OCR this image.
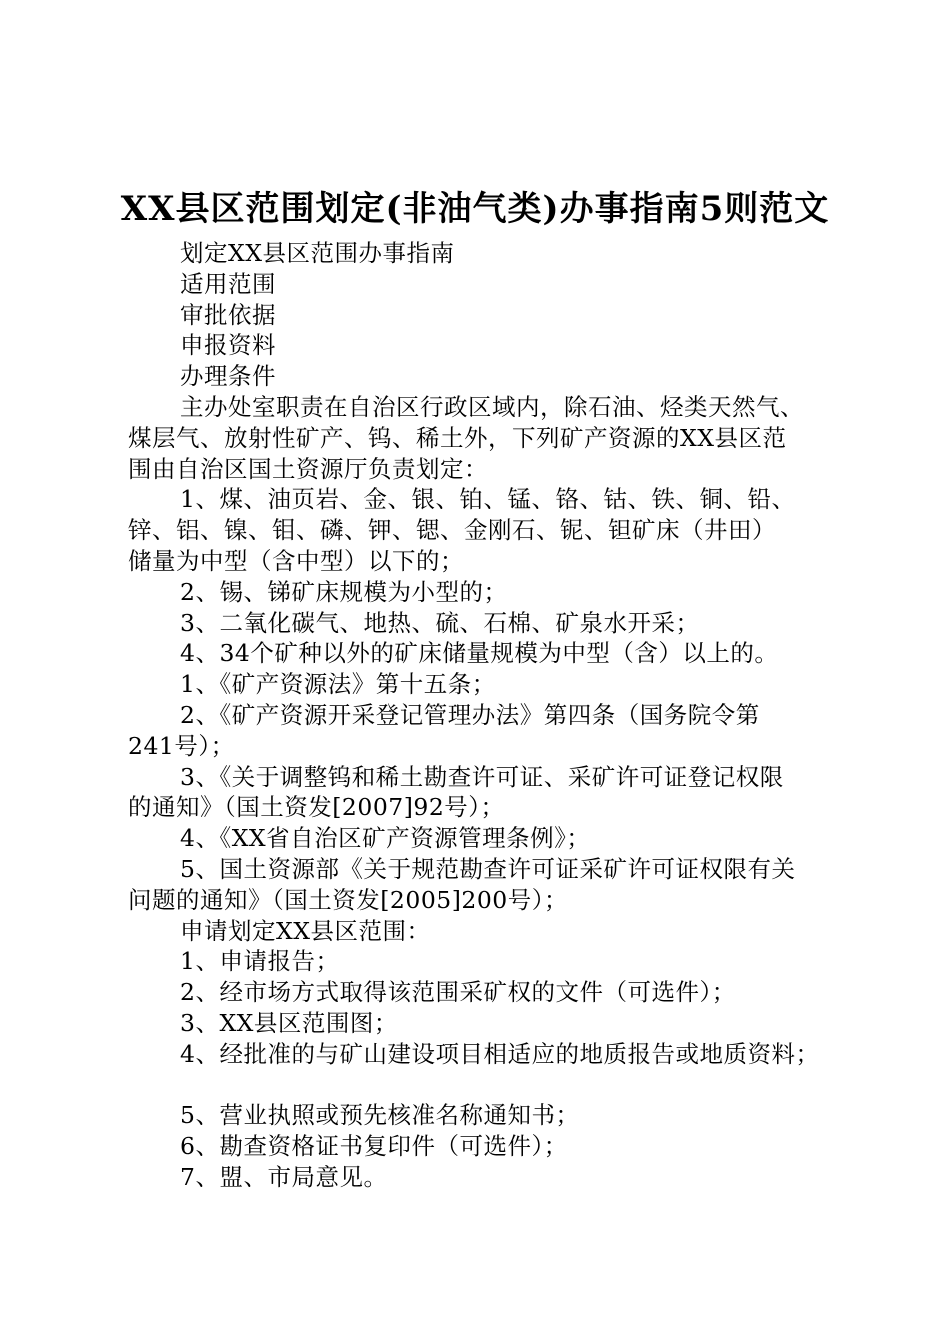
XX县区范围划定(非油气类)办事指南5则范文
划定XX县区范围办事指南
适用范围
审批依据
申报资料
办理条件
主办处室职责在自治区行政区域内，除石油、烃类天然气、
煤层气、放射性矿产、钨、稀土外，下列矿产资源的XX县区范
围由自治区国土资源厅负责划定：
1、煤、油页岩、金、银、铂、锰、铬、钴、铁、铜、铅、
锌、铝、镍、钼、磷、钾、锶、金刚石、铌、钽矿床（井田）
储量为中型（含中型）以下的；
2、锡、锑矿床规模为小型的；
3、二氧化碳气、地热、硫、石棉、矿泉水开采；
4、34个矿种以外的矿床储量规模为中型（含）以上的。
1、《矿产资源法》第十五条；
2、《矿产资源开采登记管理办法》第四条（国务院令第
241号）；
3、《关于调整钨和稀土勘查许可证、采矿许可证登记权限
的通知》（国土资发[2007]92号）；
4、《XX省自治区矿产资源管理条例》；
5、国土资源部《关于规范勘查许可证采矿许可证权限有关
问题的通知》（国土资发[2005]200号）；
申请划定XX县区范围：
1、申请报告；
2、经市场方式取得该范围采矿权的文件（可选件）；
3、XX县区范围图；
4、经批准的与矿山建设项目相适应的地质报告或地质资料；
5、营业执照或预先核准名称通知书；
6、勘查资格证书复印件（可选件）；
7、盟、市局意见。
